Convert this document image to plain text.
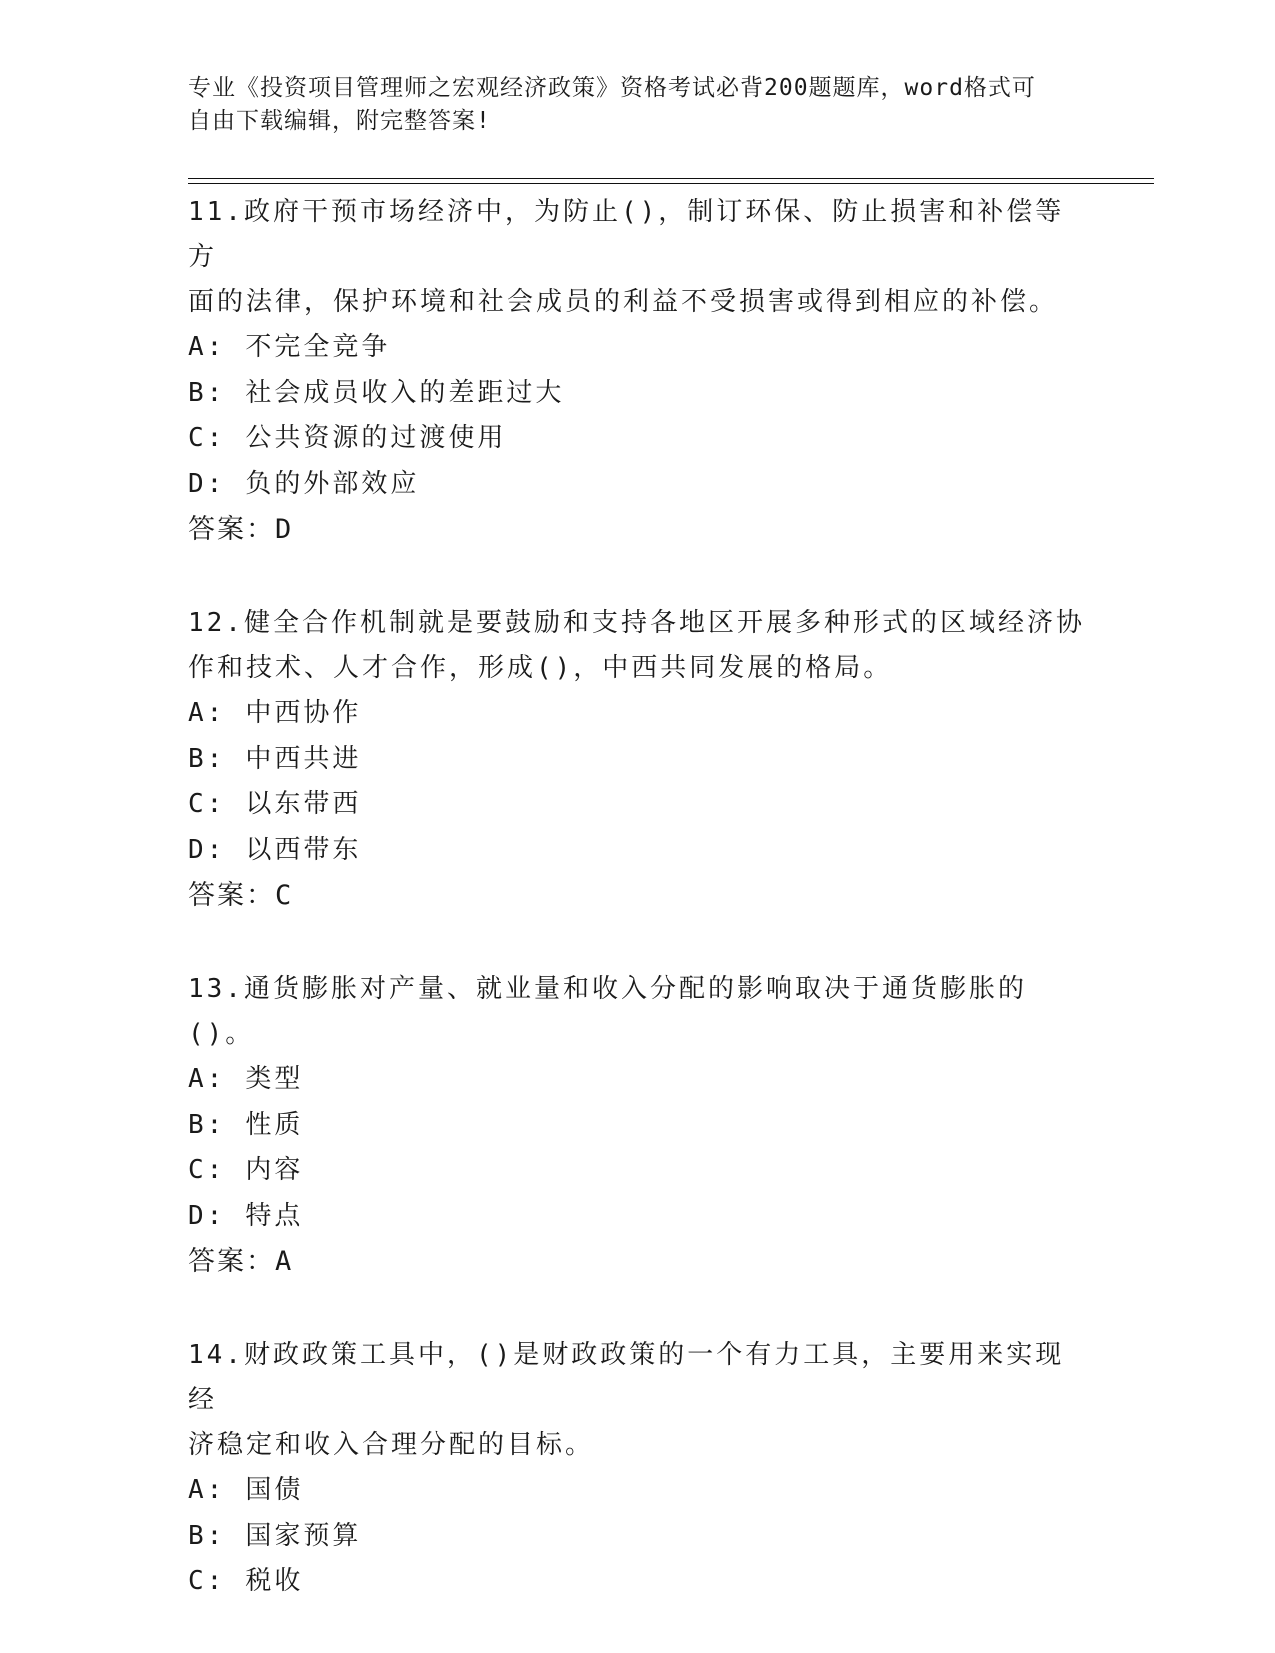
专业《投资项目管理师之宏观经济政策》资格考试必背200题题库，word格式可
自由下载编辑，附完整答案!
11.政府干预市场经济中，为防止()，制订环保、防止损害和补偿等方
面的法律，保护环境和社会成员的利益不受损害或得到相应的补偿。
A: 不完全竞争
B: 社会成员收入的差距过大
C: 公共资源的过渡使用
D: 负的外部效应
答案：D
12.健全合作机制就是要鼓励和支持各地区开展多种形式的区域经济协
作和技术、人才合作，形成()，中西共同发展的格局。
A: 中西协作
B: 中西共进
C: 以东带西
D: 以西带东
答案：C
13.通货膨胀对产量、就业量和收入分配的影响取决于通货膨胀的()。
A: 类型
B: 性质
C: 内容
D: 特点
答案：A
14.财政政策工具中，()是财政政策的一个有力工具，主要用来实现经
济稳定和收入合理分配的目标。
A: 国债
B: 国家预算
C: 税收
